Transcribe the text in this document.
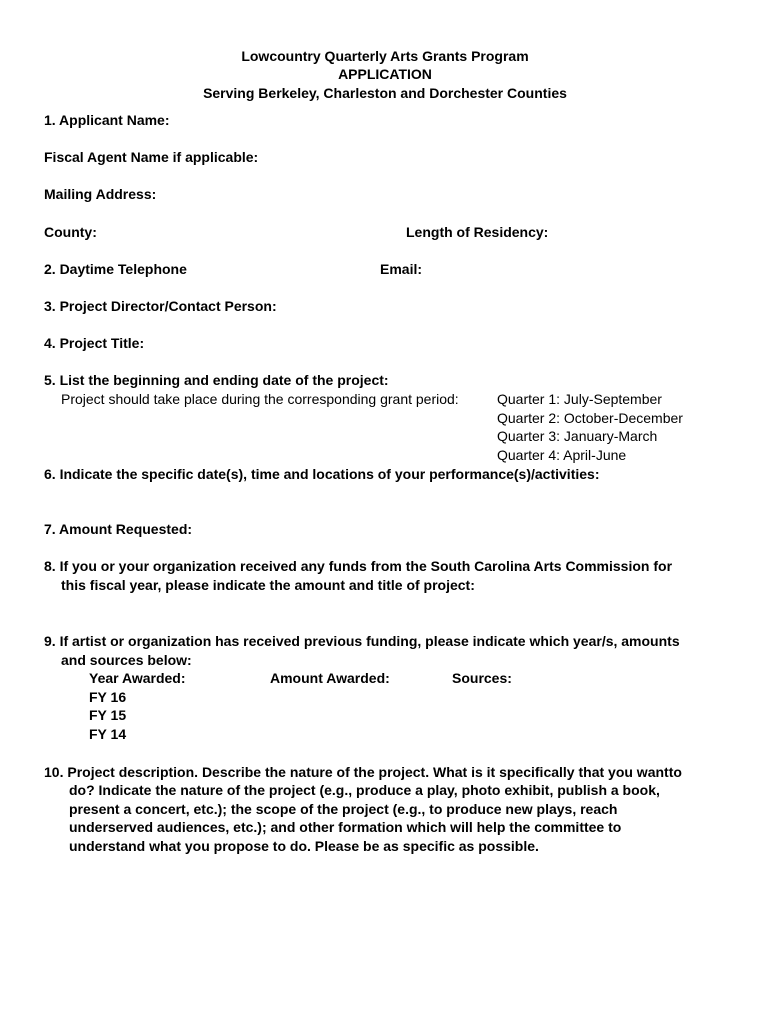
Lowcountry Quarterly Arts Grants Program
APPLICATION
Serving Berkeley, Charleston and Dorchester Counties
1. Applicant Name:
Fiscal Agent Name if applicable:
Mailing Address:
County:	Length of Residency:
2. Daytime Telephone	Email:
3. Project Director/Contact Person:
4. Project Title:
5. List the beginning and ending date of the project:
Project should take place during the corresponding grant period:	Quarter 1: July-September
Quarter 2: October-December
Quarter 3: January-March
Quarter 4: April-June
6. Indicate the specific date(s), time and locations of your performance(s)/activities:
7. Amount Requested:
8. If you or your organization received any funds from the South Carolina Arts Commission for
this fiscal year, please indicate the amount and title of project:
9. If artist or organization has received previous funding, please indicate which year/s, amounts
and sources below:
Year Awarded:	Amount Awarded:	Sources:
FY 16
FY 15
FY 14
10. Project description. Describe the nature of the project. What is it specifically that you wantto
do? Indicate the nature of the project (e.g., produce a play, photo exhibit, publish a book,
present a concert, etc.); the scope of the project (e.g., to produce new plays, reach
underserved audiences, etc.); and other formation which will help the committee to
understand what you propose to do. Please be as specific as possible.
